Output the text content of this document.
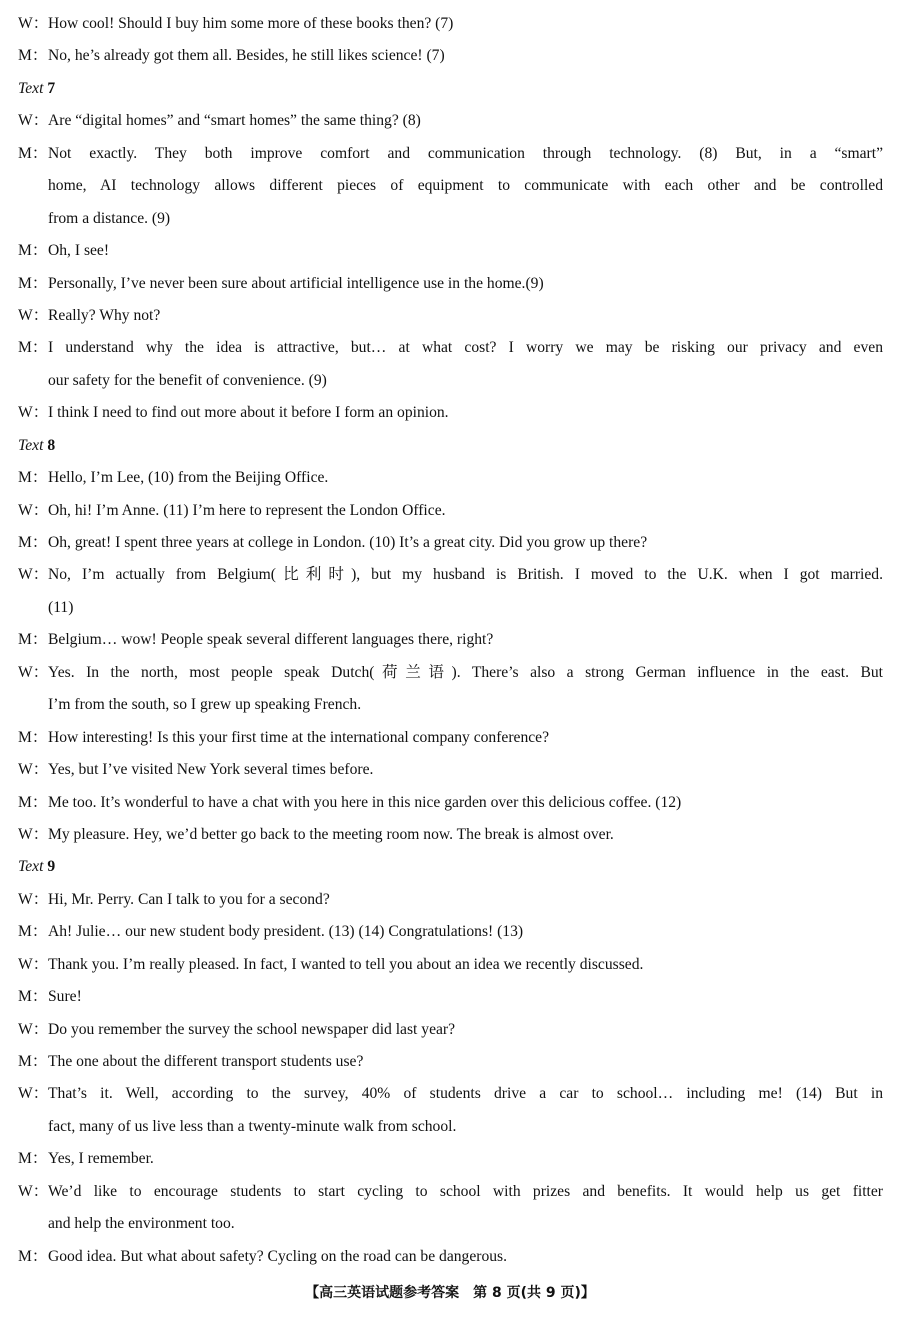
W： How cool! Should I buy him some more of these books then? (7)
M： No, he’s already got them all. Besides, he still likes science! (7)
Text 7
W： Are “digital homes” and “smart homes” the same thing? (8)
M： Not exactly. They both improve comfort and communication through technology. (8) But, in a “smart”
home, AI technology allows different pieces of equipment to communicate with each other and be controlled
from a distance. (9)
M： Oh, I see!
M： Personally, I’ve never been sure about artificial intelligence use in the home.(9)
W： Really? Why not?
M： I understand why the idea is attractive, but… at what cost? I worry we may be risking our privacy and even
our safety for the benefit of convenience. (9)
W： I think I need to find out more about it before I form an opinion.
Text 8
M： Hello, I’m Lee, (10) from the Beijing Office.
W： Oh, hi! I’m Anne. (11) I’m here to represent the London Office.
M： Oh, great! I spent three years at college in London. (10) It’s a great city. Did you grow up there?
W： No, I’m actually from Belgium(比利时), but my husband is British. I moved to the U.K. when I got married.
(11)
M： Belgium… wow! People speak several different languages there, right?
W： Yes. In the north, most people speak Dutch(荷兰语). There’s also a strong German influence in the east. But
I’m from the south, so I grew up speaking French.
M： How interesting! Is this your first time at the international company conference?
W： Yes, but I’ve visited New York several times before.
M： Me too. It’s wonderful to have a chat with you here in this nice garden over this delicious coffee. (12)
W： My pleasure. Hey, we’d better go back to the meeting room now. The break is almost over.
Text 9
W： Hi, Mr. Perry. Can I talk to you for a second?
M： Ah! Julie… our new student body president. (13) (14) Congratulations! (13)
W： Thank you. I’m really pleased. In fact, I wanted to tell you about an idea we recently discussed.
M： Sure!
W： Do you remember the survey the school newspaper did last year?
M： The one about the different transport students use?
W： That’s it. Well, according to the survey, 40% of students drive a car to school… including me! (14) But in
fact, many of us live less than a twenty-minute walk from school.
M： Yes, I remember.
W： We’d like to encourage students to start cycling to school with prizes and benefits. It would help us get fitter
and help the environment too.
M： Good idea. But what about safety? Cycling on the road can be dangerous.
【高三英语试题参考答案　第 8 页(共 9 页)】
